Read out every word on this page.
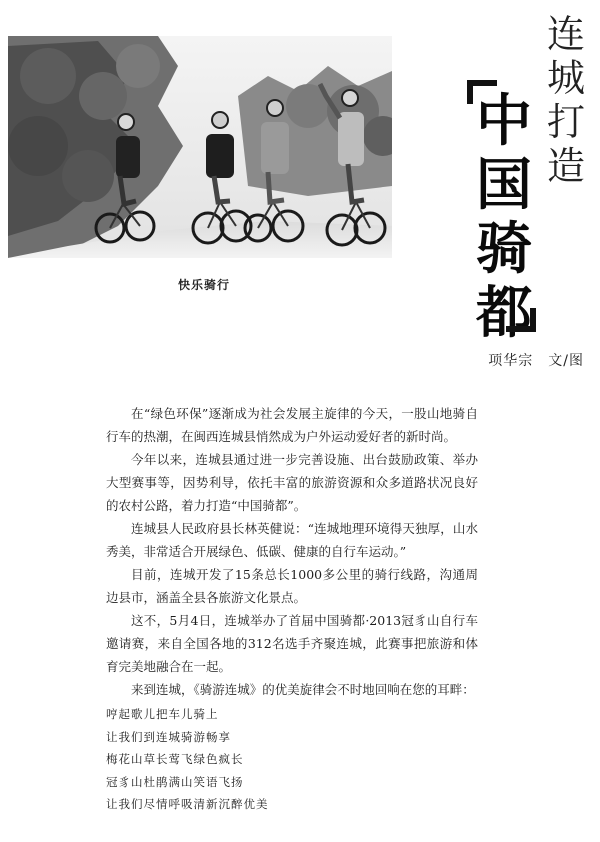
快乐骑行
连城打造
中国骑都
项华宗　文/图

在“绿色环保”逐渐成为社会发展主旋律的今天，一股山地骑自行车的热潮，在闽西连城县悄然成为户外运动爱好者的新时尚。

今年以来，连城县通过进一步完善设施、出台鼓励政策、举办大型赛事等，因势利导，依托丰富的旅游资源和众多道路状况良好的农村公路，着力打造“中国骑都”。

连城县人民政府县长林英健说：“连城地理环境得天独厚，山水秀美，非常适合开展绿色、低碳、健康的自行车运动。”

目前，连城开发了15条总长1000多公里的骑行线路，沟通周边县市，涵盖全县各旅游文化景点。

这不，5月4日，连城举办了首届中国骑都·2013冠豸山自行车邀请赛，来自全国各地的312名选手齐聚连城，此赛事把旅游和体育完美地融合在一起。

来到连城，《骑游连城》的优美旋律会不时地回响在您的耳畔：

哼起歌儿把车儿骑上
让我们到连城骑游畅享
梅花山草长莺飞绿色疯长
冠豸山杜鹃满山笑语飞扬
让我们尽情呼吸清新沉醉优美
